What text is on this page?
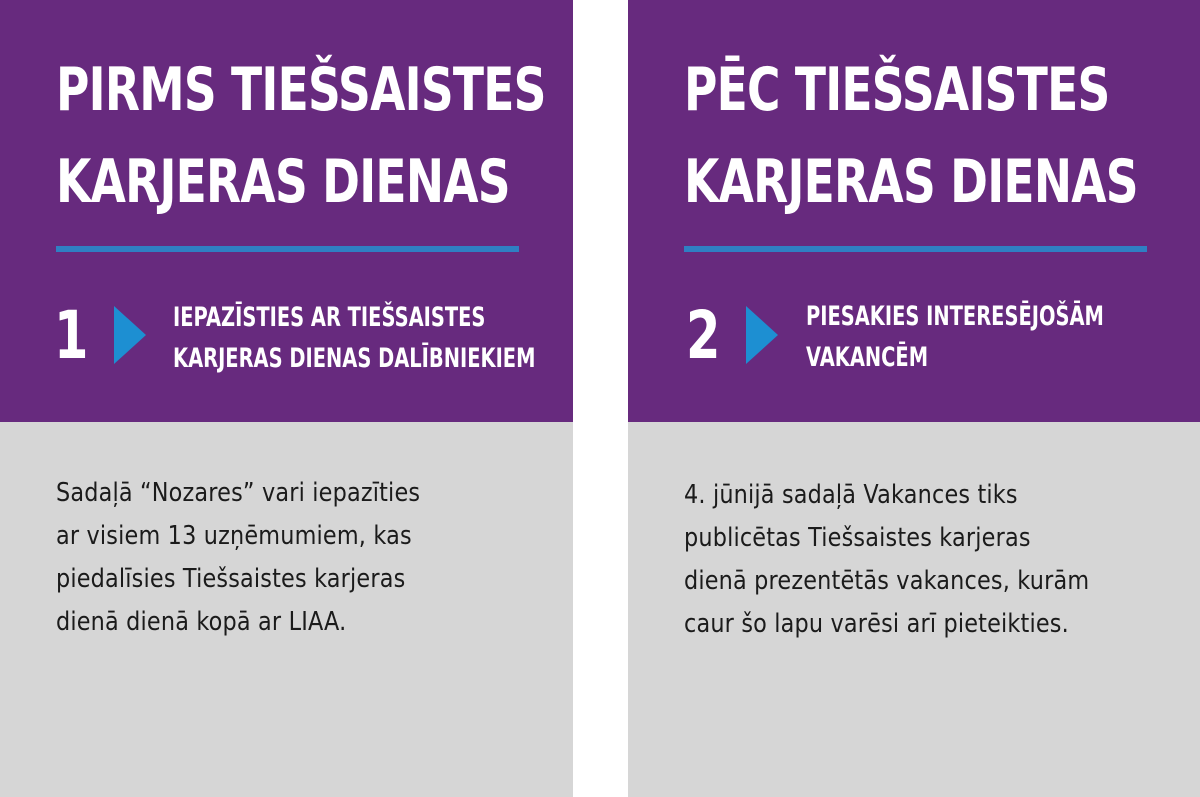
PIRMS TIEŠSAISTES
KARJERAS DIENAS
1	IEPAZĪSTIES AR TIEŠSAISTES
KARJERAS DIENAS DALĪBNIEKIEM
Sadaļā “Nozares” vari iepazīties
ar visiem 13 uzņēmumiem, kas
piedalīsies Tiešsaistes karjeras
dienā dienā kopā ar LIAA.
PĒC TIEŠSAISTES
KARJERAS DIENAS
2	PIESAKIES INTERESĒJOŠĀM
VAKANCĒM
4. jūnijā sadaļā Vakances tiks
publicētas Tiešsaistes karjeras
dienā prezentētās vakances, kurām
caur šo lapu varēsi arī pieteikties.
